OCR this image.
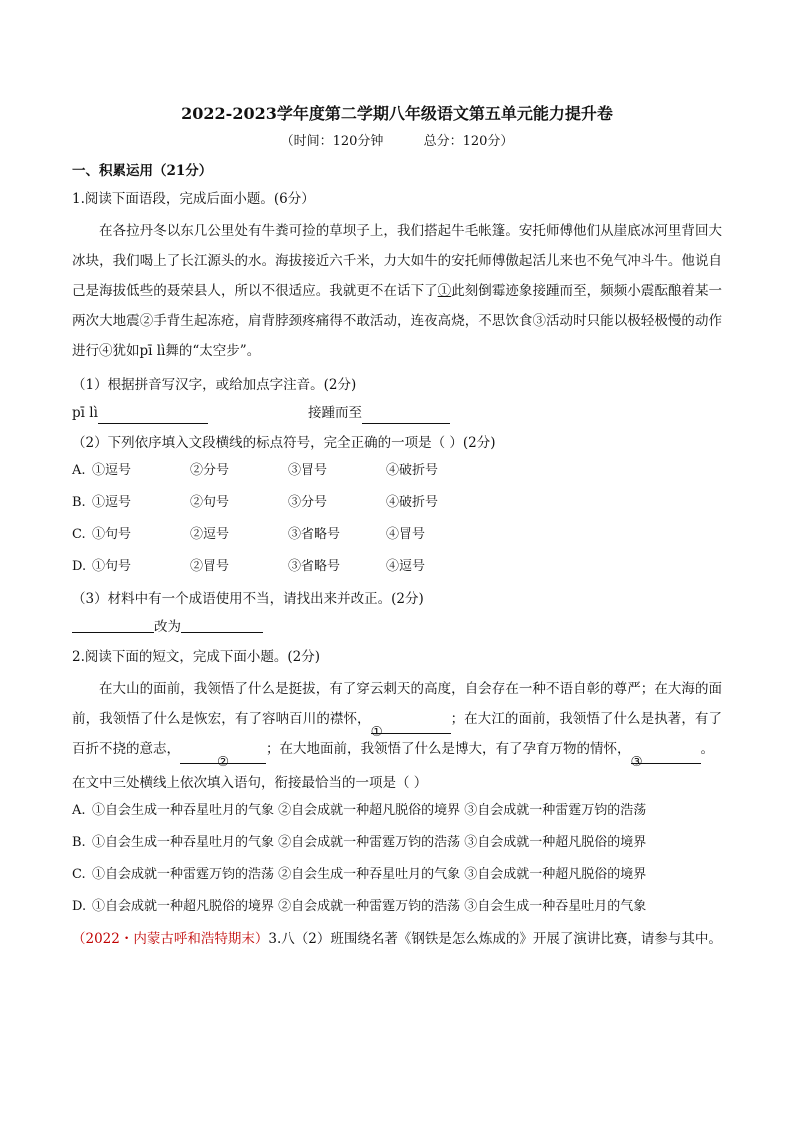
2022-2023学年度第二学期八年级语文第五单元能力提升卷
（时间：120分钟	总分：120分）
一、积累运用（21分）
1.阅读下面语段，完成后面小题。(6分）

在各拉丹冬以东几公里处有牛粪可捡的草坝子上，我们搭起牛毛帐篷。安托师傅他们从崖底冰河里背回大冰块，我们喝上了长江源头的水。海拔接近六千米，力大如牛的安托师傅傲起活儿来也不免气冲斗牛。他说自己是海拔低些的聂荣县人，所以不很适应。我就更不在话下了①此刻倒霉迹象接踵而至，频频小震酝酿着某一两次大地震②手背生起冻疮，肩背脖颈疼痛得不敢活动，连夜高烧，不思饮食③活动时只能以极轻极慢的动作进行④犹如pī lì舞的“太空步”。

（1）根据拼音写汉字，或给加点字注音。(2分)
pī lì	接踵而至
（2）下列依序填入文段横线的标点符号，完全正确的一项是（ ）(2分)
A. ①逗号	②分号	③冒号	④破折号
B. ①逗号	②句号	③分号	④破折号
C. ①句号	②逗号	③省略号	④冒号
D. ①句号	②冒号	③省略号	④逗号
（3）材料中有一个成语使用不当，请找出来并改正。(2分)
改为
2.阅读下面的短文，完成下面小题。(2分)

在大山的面前，我领悟了什么是挺拔，有了穿云刺天的高度，自会存在一种不语自彰的尊严；在大海的面前，我领悟了什么是恢宏，有了容呐百川的襟怀，①；在大江的面前，我领悟了什么是执著，有了百折不挠的意志，②；在大地面前，我领悟了什么是博大，有了孕育万物的情怀，③。

在文中三处横线上依次填入语句，衔接最恰当的一项是（ ）
A. ①自会生成一种吞星吐月的气象 ②自会成就一种超凡脱俗的境界 ③自会成就一种雷霆万钧的浩荡
B. ①自会生成一种吞星吐月的气象 ②自会成就一种雷霆万钧的浩荡 ③自会成就一种超凡脱俗的境界
C. ①自会成就一种雷霆万钧的浩荡 ②自会生成一种吞星吐月的气象 ③自会成就一种超凡脱俗的境界
D. ①自会成就一种超凡脱俗的境界 ②自会成就一种雷霆万钧的浩荡 ③自会生成一种吞星吐月的气象
（2022・内蒙古呼和浩特期末）3.八（2）班围绕名著《钢铁是怎么炼成的》开展了演讲比赛，请参与其中。
